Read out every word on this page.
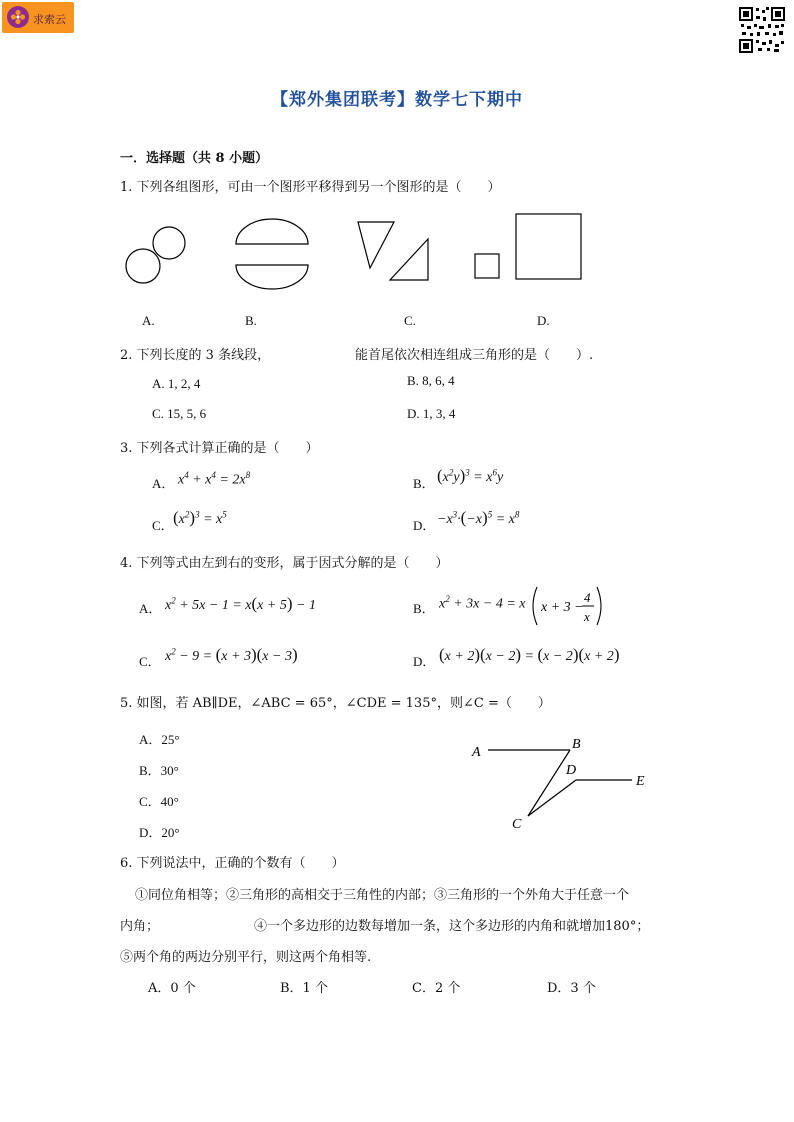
求索云
【郑外集团联考】数学七下期中
一．选择题（共 8 小题）
1. 下列各组图形，可由一个图形平移得到另一个图形的是（　　）
A.	B.	C.	D.
2. 下列长度的 3 条线段，	能首尾依次相连组成三角形的是（　　）.
A. 1, 2, 4	B. 8, 6, 4
C. 15, 5, 6	D. 1, 3, 4
3. 下列各式计算正确的是（　　）
A． $x^4 + x^4 = 2x^8$
B． $(x^2y)^3 = x^6y$
C． $(x^2)^3 = x^5$
D． $-x^3\cdot(-x)^5 = x^8$
4. 下列等式由左到右的变形，属于因式分解的是（　　）
A． $x^2 + 5x - 1 = x(x + 5) - 1$	B． $x^2 + 3x - 4 = x$ x + 3 −
4
x
C． $x^2 - 9 = (x + 3)(x - 3)$	D． (x + 2)(x − 2) = (x − 2)(x + 2)
5. 如图，若 AB∥DE，∠ABC = 65°，∠CDE = 135°，则∠C =（　　）
A．25°
B．30°
C．40°
D．20°
A
B
D
E
C
6. 下列说法中，正确的个数有（　　）
①同位角相等；②三角形的高相交于三角性的内部；③三角形的一个外角大于任意一个
内角；	④一个多边形的边数每增加一条，这个多边形的内角和就增加180°；
⑤两个角的两边分别平行，则这两个角相等.
A．0 个	B．1 个	C．2 个	D．3 个
